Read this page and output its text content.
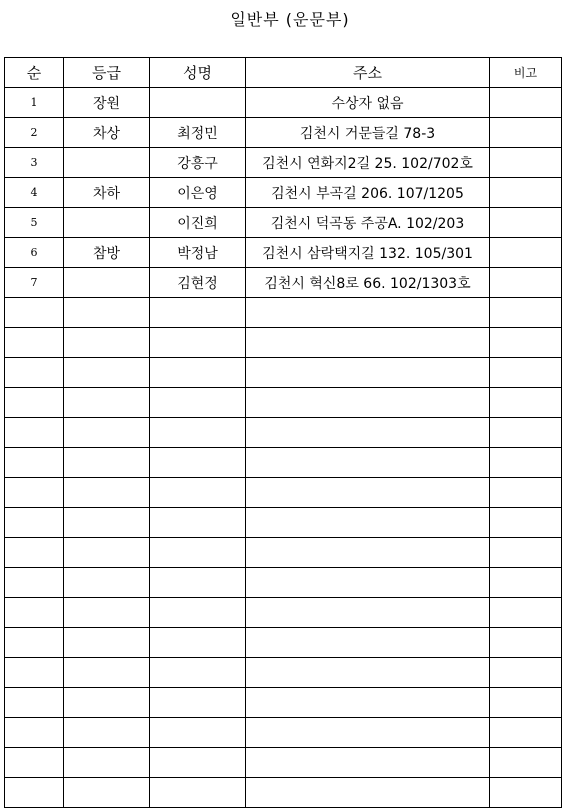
일반부 (운문부)
순	등급	성명	주소	비고
1	장원		수상자 없음	
2	차상	최정민	김천시 거문들길 78-3	
3		강흥구	김천시 연화지2길 25. 102/702호	
4	차하	이은영	김천시 부곡길 206. 107/1205	
5		이진희	김천시 덕곡동 주공A. 102/203	
6	참방	박정남	김천시 삼락택지길 132. 105/301	
7		김현정	김천시 혁신8로 66. 102/1303호	
